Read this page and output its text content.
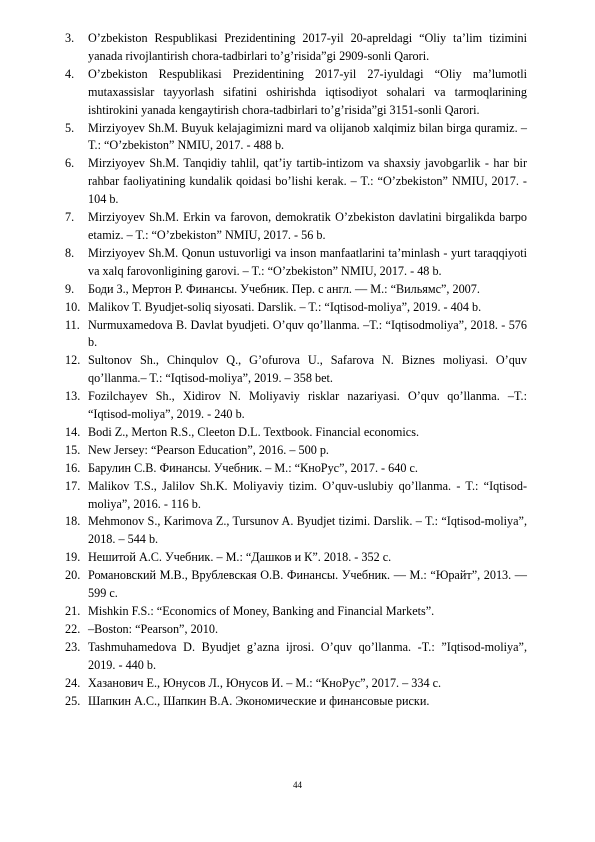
3. O’zbekiston Respublikasi Prezidentining 2017-yil 20-apreldagi “Oliy ta’lim tizimini yanada rivojlantirish chora-tadbirlari to’g’risida”gi 2909-sonli Qarori.
4. O’zbekiston Respublikasi Prezidentining 2017-yil 27-iyuldagi “Oliy ma’lumotli mutaxassislar tayyorlash sifatini oshirishda iqtisodiyot sohalari va tarmoqlarining ishtirokini yanada kengaytirish chora-tadbirlari to’g’risida”gi 3151-sonli Qarori.
5. Mirziyoyev Sh.M. Buyuk kelajagimizni mard va olijanob xalqimiz bilan birga quramiz. – T.: “O’zbekiston” NMIU, 2017. - 488 b.
6. Mirziyoyev Sh.M. Tanqidiy tahlil, qat’iy tartib-intizom va shaxsiy javobgarlik - har bir rahbar faoliyatining kundalik qoidasi bo’lishi kerak. – T.: “O’zbekiston” NMIU, 2017. - 104 b.
7. Mirziyoyev Sh.M. Erkin va farovon, demokratik O’zbekiston davlatini birgalikda barpo etamiz. – T.: “O’zbekiston” NMIU, 2017. - 56 b.
8. Mirziyoyev Sh.M. Qonun ustuvorligi va inson manfaatlarini ta’minlash - yurt taraqqiyoti va xalq farovonligining garovi. – T.: “O’zbekiston” NMIU, 2017. - 48 b.
9. Боди З., Мертон Р. Финансы. Учебник. Пер. с англ. — М.: “Вильямс”, 2007.
10. Malikov T. Byudjet-soliq siyosati. Darslik. – T.: “Iqtisod-moliya”, 2019. - 404 b.
11. Nurmuxamedova B. Davlat byudjeti. O’quv qo’llanma. –T.: “Iqtisodmoliya”, 2018. - 576 b.
12. Sultonov Sh., Chinqulov Q., G’ofurova U., Safarova N. Biznes moliyasi. O’quv qo’llanma.– T.: “Iqtisod-moliya”, 2019. – 358 bet.
13. Fozilchayev Sh., Xidirov N. Moliyaviy risklar nazariyasi. O’quv qo’llanma. –T.: “Iqtisod-moliya”, 2019. - 240 b.
14. Bodi Z., Merton R.S., Cleeton D.L. Textbook. Financial economics.
15. New Jersey: “Pearson Education”, 2016. – 500 p.
16. Барулин С.В. Финансы. Учебник. – М.: “КноРус”, 2017. - 640 с.
17. Malikov T.S., Jalilov Sh.K. Moliyaviy tizim. O’quv-uslubiy qo’llanma. - T.: “Iqtisod-moliya”, 2016. - 116 b.
18. Mehmonov S., Karimova Z., Tursunov A. Byudjet tizimi. Darslik. – T.: “Iqtisod-moliya”, 2018. – 544 b.
19. Нешитой А.С. Учебник. – М.: “Дашков и К”. 2018. - 352 с.
20. Романовский М.В., Врублевская О.В. Финансы. Учебник. — М.: “Юрайт”, 2013. — 599 с.
21. Mishkin F.S.: “Economics of Money, Banking and Financial Markets”.
22. –Boston: “Pearson”, 2010.
23. Tashmuhamedova D. Byudjet g’azna ijrosi. O’quv qo’llanma. -T.: ”Iqtisod-moliya”, 2019. - 440 b.
24. Хазанович Е., Юнусов Л., Юнусов И. – М.: “КноРус”, 2017. – 334 с.
25. Шапкин А.С., Шапкин В.А. Экономические и финансовые риски.
44
